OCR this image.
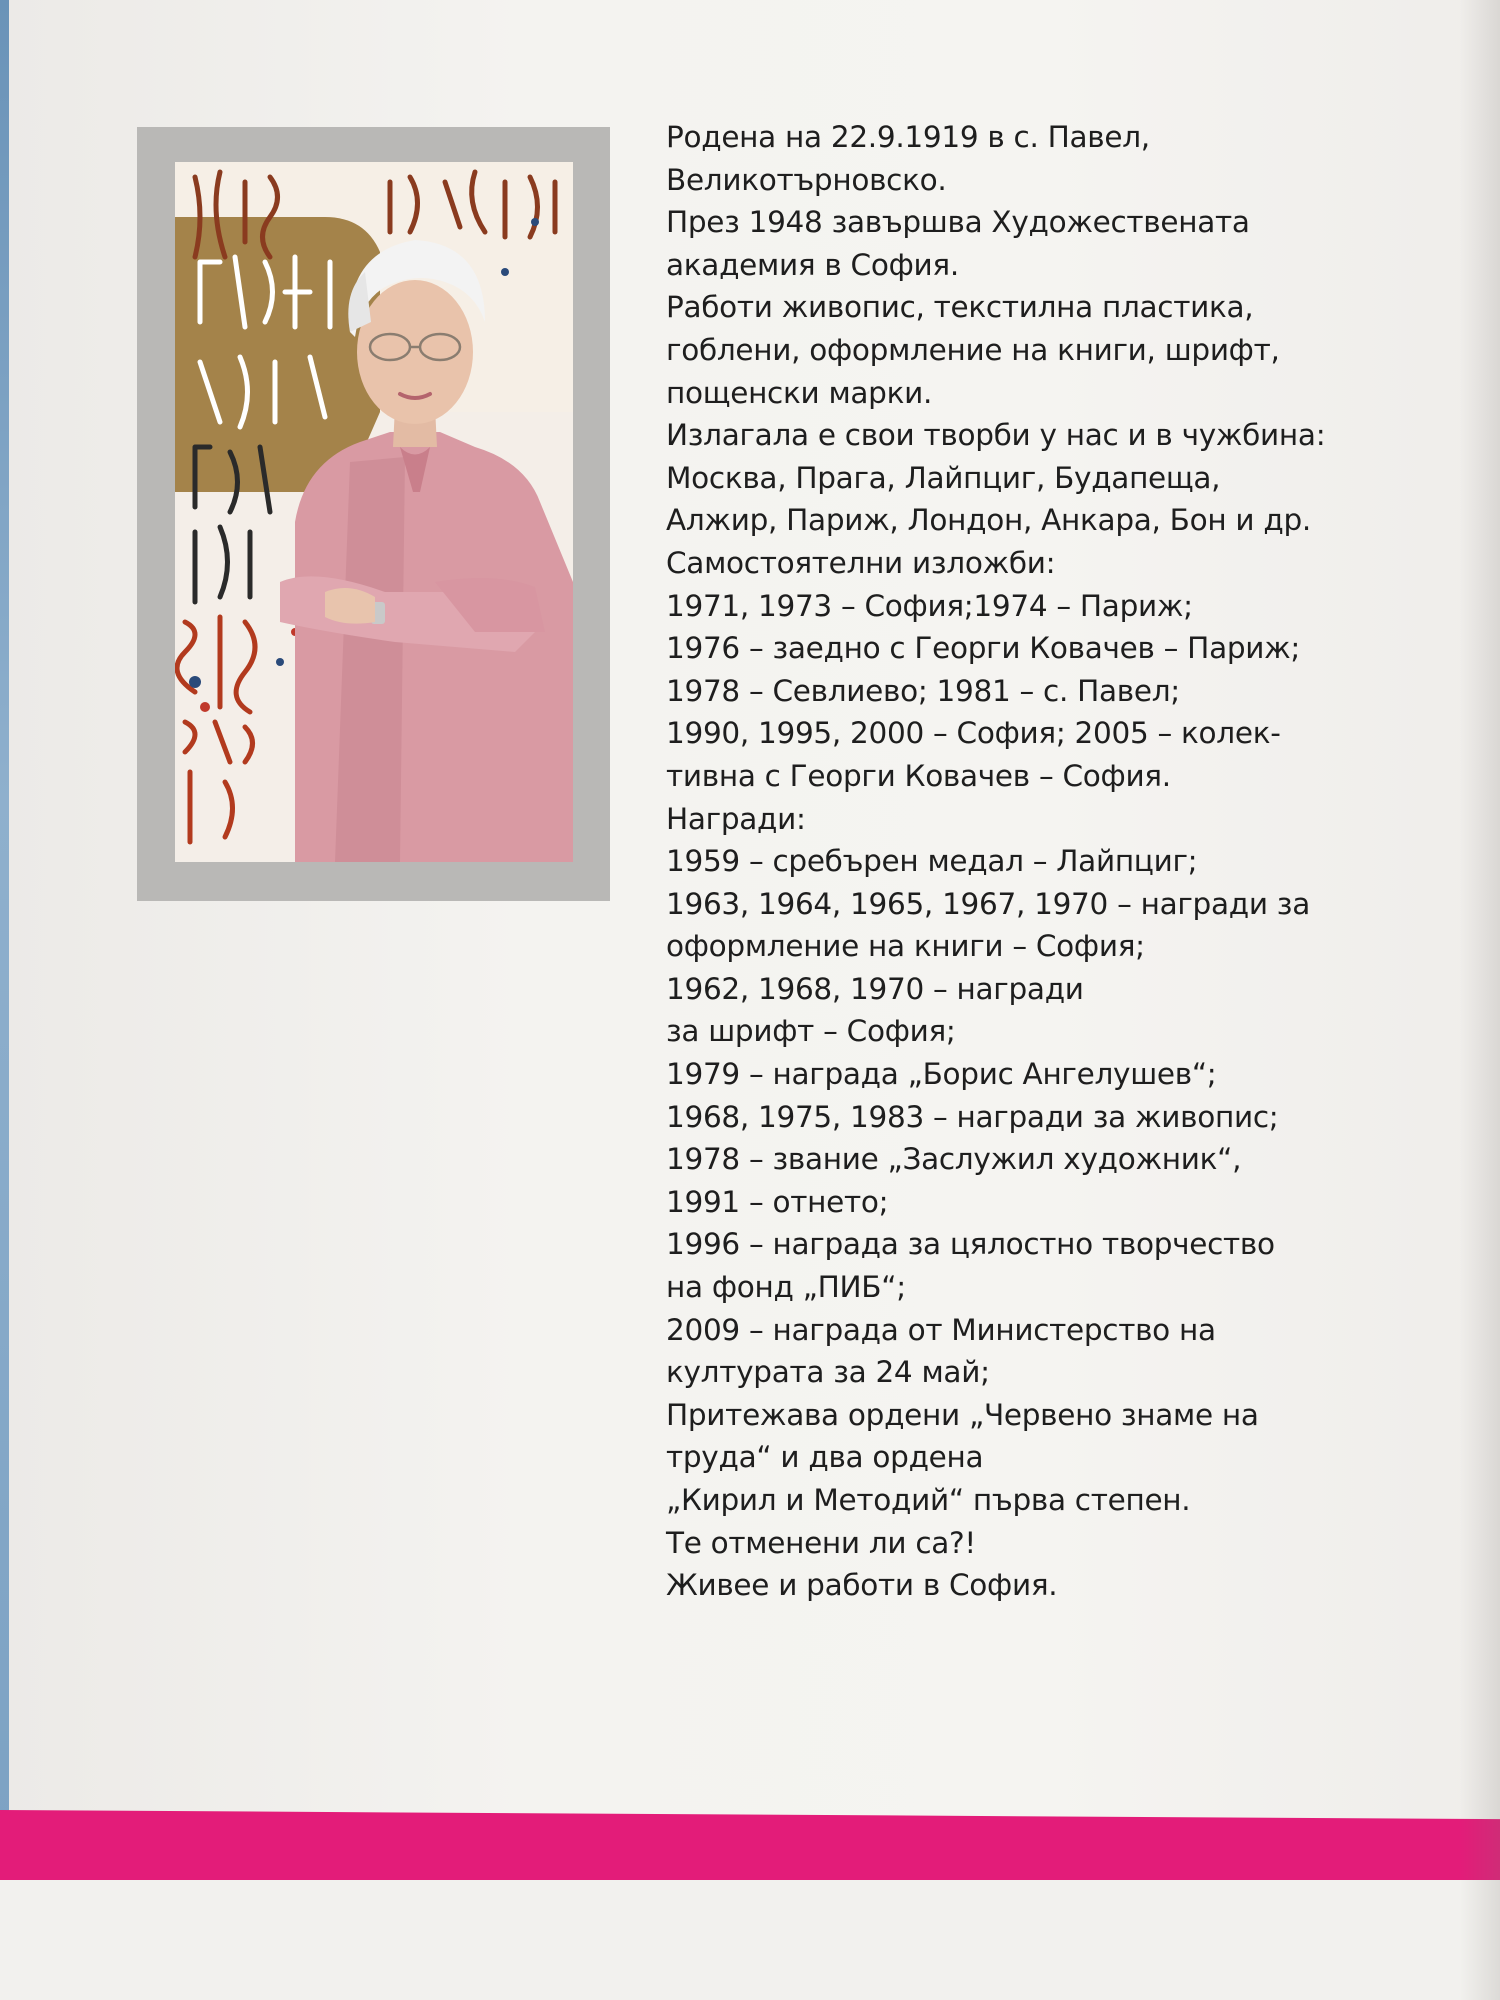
Родена на 22.9.1919 в с. Павел,
Великотърновско.
През 1948 завършва Художествената
академия в София.
Работи живопис, текстилна пластика,
гоблени, оформление на книги, шрифт,
пощенски марки.
Излагала е свои творби у нас и в чужбина:
Москва, Прага, Лайпциг, Будапеща,
Алжир, Париж, Лондон, Анкара, Бон и др.
Самостоятелни изложби:
1971, 1973 – София;1974 – Париж;
1976 – заедно с Георги Ковачев – Париж;
1978 – Севлиево; 1981 – с. Павел;
1990, 1995, 2000 – София; 2005 – колек-
тивна с Георги Ковачев – София.
Награди:
1959 – сребърен медал – Лайпциг;
1963, 1964, 1965, 1967, 1970 – награди за
оформление на книги – София;
1962, 1968, 1970 – награди
за шрифт – София;
1979 – награда „Борис Ангелушев“;
1968, 1975, 1983 – награди за живопис;
1978 – звание „Заслужил художник“,
1991 – отнето;
1996 – награда за цялостно творчество
на фонд „ПИБ“;
2009 – награда от Министерство на
културата за 24 май;
Притежава ордени „Червено знаме на
труда“ и два ордена
„Кирил и Методий“ първа степен.
Те отменени ли са?!
Живее и работи в София.
